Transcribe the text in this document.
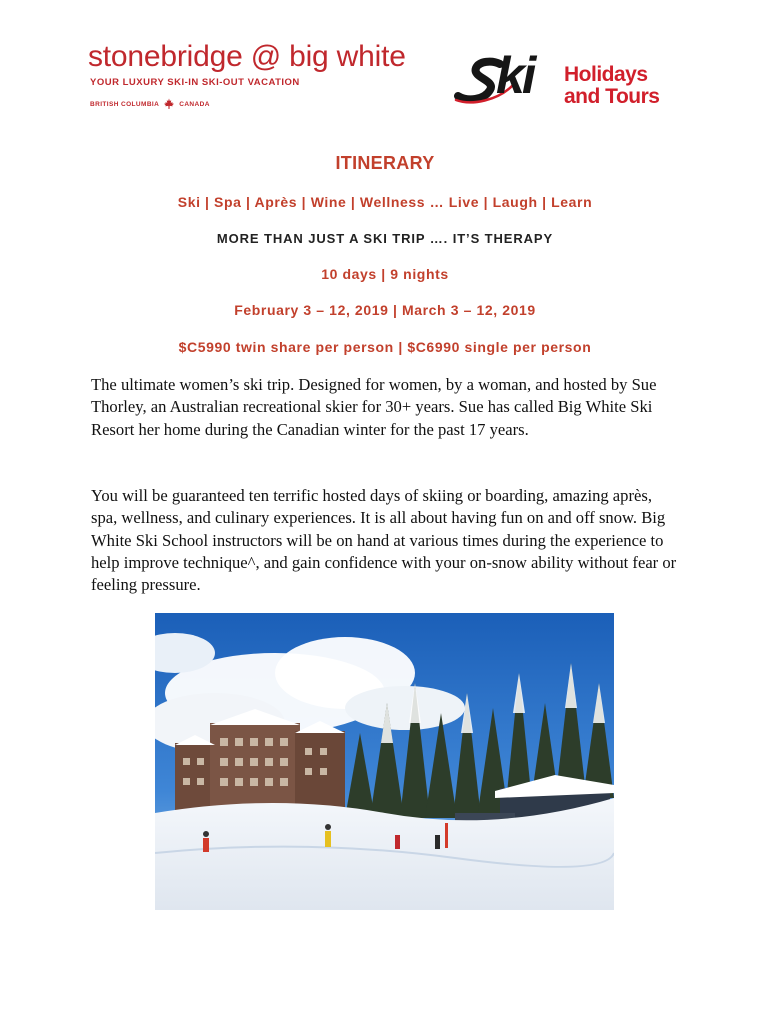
stonebridge @ big white
YOUR LUXURY SKI-IN SKI-OUT VACATION
BRITISH COLUMBIA	CANADA	ki Holidays
and Tours
ITINERARY
Ski | Spa | Après | Wine | Wellness … Live | Laugh | Learn
MORE THAN JUST A SKI TRIP …. IT’S THERAPY
10 days | 9 nights
February 3 – 12, 2019 | March 3 – 12, 2019
$C5990 twin share per person | $C6990 single per person
The ultimate women’s ski trip. Designed for women, by a woman, and hosted by Sue Thorley, an Australian recreational skier for 30+ years. Sue has called Big White Ski Resort her home during the Canadian winter for the past 17 years.
You will be guaranteed ten terrific hosted days of skiing or boarding, amazing après, spa, wellness, and culinary experiences. It is all about having fun on and off snow. Big White Ski School instructors will be on hand at various times during the experience to help improve technique^, and gain confidence with your on-snow ability without fear or feeling pressure.
